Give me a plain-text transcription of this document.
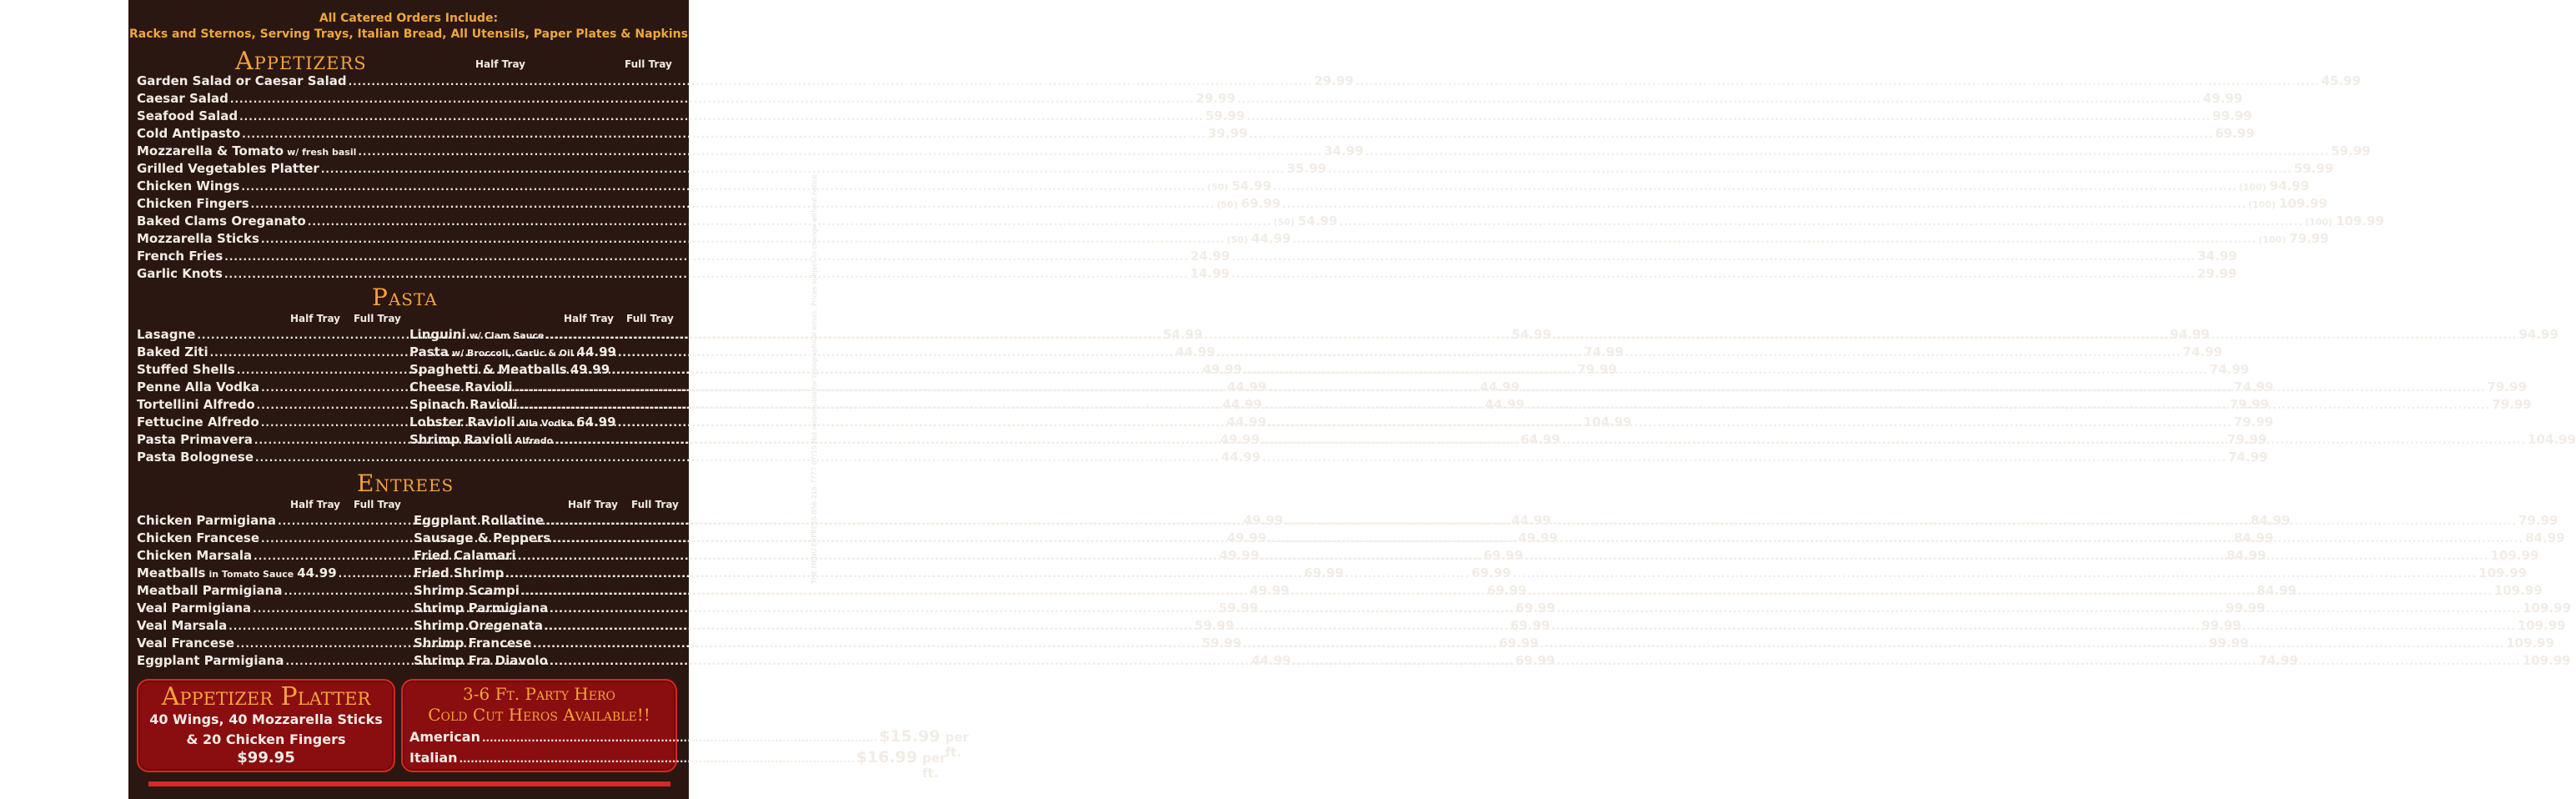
All Catered Orders Include:
Racks and Sternos, Serving Trays, Italian Bread, All Utensils, Paper Plates & Napkins
Appetizers	Half Tray	Full Tray
Garden Salad or Caesar Salad .....	29.99 .....	45.99
Caesar Salad .....	29.99 .....	49.99
Seafood Salad .....	59.99 .....	99.99
Cold Antipasto .....	39.99 .....	69.99
Mozzarella & Tomato w/ fresh basil .....	34.99 .....	59.99
Grilled Vegetables Platter .....	35.99 .....	59.99
Chicken Wings .....	(50) 54.99 .....	(100) 94.99
Chicken Fingers .....	(50) 69.99 .....	(100) 109.99
Baked Clams Oreganato .....	(50) 54.99 .....	(100) 109.99
Mozzarella Sticks .....	(50) 44.99 .....	(100) 79.99
French Fries .....	24.99 .....	34.99
Garlic Knots .....	14.99 .....	29.99
Pasta
Half Tray Full Tray	Half Tray Full Tray
Lasagne .....	54.99 .....	94.99
Baked Ziti .....	44.99 .....	74.99
Stuffed Shells .....	49.99 .....	74.99
Penne Alla Vodka .....	44.99 .....	74.99
Tortellini Alfredo .....	44.99 .....	79.99
Fettucine Alfredo .....	44.99 .....	79.99
Pasta Primavera .....	49.99 .....	79.99
Pasta Bolognese .....	44.99 .....	74.99
Linguini w/ Clam Sauce .....	54.99 .....	94.99
Pasta w/ Broccoli, Garlic & Oil 44.99 .....	74.99
Spaghetti & Meatballs 49.99 .....	79.99
Cheese Ravioli .....	44.99 .....	79.99
Spinach Ravioli .....	44.99 .....	79.99
Lobster Ravioli Alla Vodka 64.99 .....	104.99
Shrimp Ravioli Alfredo .....	64.99 .....	104.99
Entrees
Half Tray Full Tray	Half Tray Full Tray
Chicken Parmigiana .....	49.99 .....	84.99
Chicken Francese .....	49.99 .....	84.99
Chicken Marsala .....	49.99 .....	84.99
Meatballs in Tomato Sauce 44.99 .....	69.99
Meatball Parmigiana .....	49.99 .....	84.99
Veal Parmigiana .....	59.99 .....	99.99
Veal Marsala .....	59.99 .....	99.99
Veal Francese .....	59.99 .....	99.99
Eggplant Parmigiana .....	44.99 .....	74.99
Eggplant Rollatine .....	44.99 .....	79.99
Sausage & Peppers .....	49.99 .....	84.99
Fried Calamari .....	69.99 .....	109.99
Fried Shrimp .....	69.99 .....	109.99
Shrimp Scampi .....	69.99 .....	109.99
Shrimp Parmigiana .....	69.99 .....	109.99
Shrimp Oregenata .....	69.99 .....	109.99
Shrimp Francese .....	69.99 .....	109.99
Shrimp Fra Diavolo .....	69.99 .....	109.99
THE MENU EXPRESS 856-216-7777 07/19 Not responsible for typographical errors. Prices subject to change without notice.
Appetizer Platter
40 Wings, 40 Mozzarella Sticks
& 20 Chicken Fingers
$99.95
3-6 Ft. Party Hero
Cold Cut Heros Available!!
American .....	$15.99 per ft.
Italian .....	$16.99 per ft.
